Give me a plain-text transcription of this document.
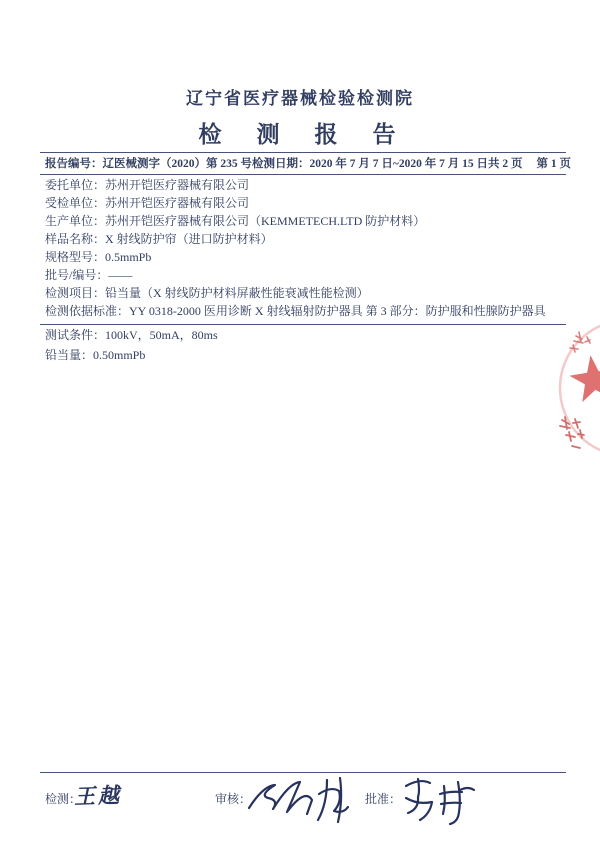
辽宁省医疗器械检验检测院
检　测　报　告
报告编号：辽医械测字（2020）第 235 号 检测日期：2020 年 7 月 7 日~2020 年 7 月 15 日 共 2 页 第 1 页
委托单位：苏州开铠医疗器械有限公司
受检单位：苏州开铠医疗器械有限公司
生产单位：苏州开铠医疗器械有限公司（KEMMETECH.LTD 防护材料）
样品名称：X 射线防护帘（进口防护材料）
规格型号：0.5mmPb
批号/编号：——
检测项目：铅当量（X 射线防护材料屏蔽性能衰减性能检测）
检测依据标准：YY 0318-2000 医用诊断 X 射线辐射防护器具 第 3 部分：防护服和性腺防护器具
测试条件：100kV，50mA，80ms
铅当量：0.50mmPb
检测：
王越	审核：	批准：
